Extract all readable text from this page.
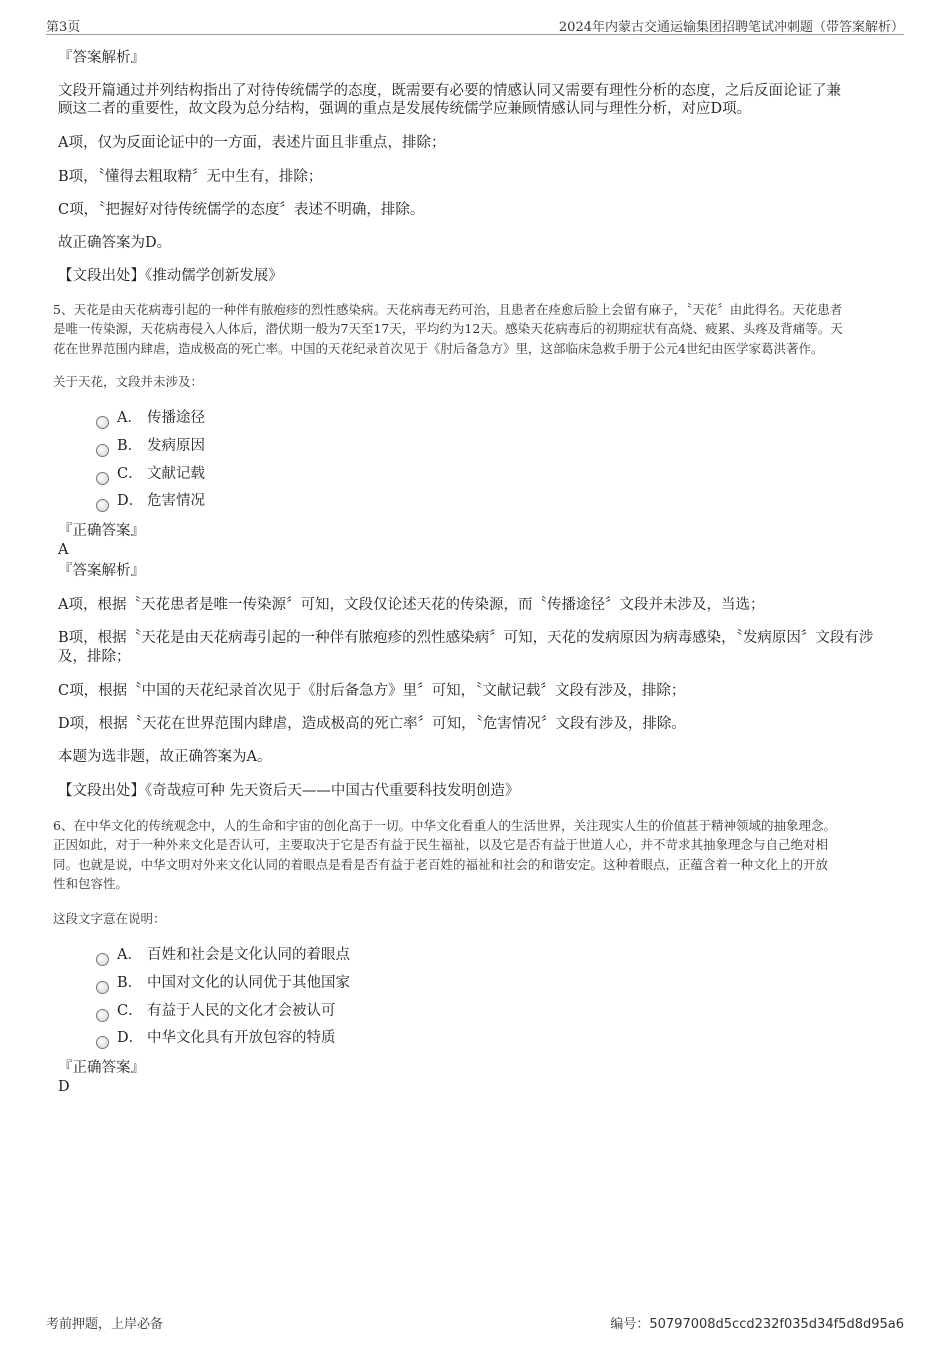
第3页	2024年内蒙古交通运输集团招聘笔试冲刺题（带答案解析）
『答案解析』
文段开篇通过并列结构指出了对待传统儒学的态度，既需要有必要的情感认同又需要有理性分析的态度，之后反面论证了兼
顾这二者的重要性，故文段为总分结构，强调的重点是发展传统儒学应兼顾情感认同与理性分析，对应D项。
A项，仅为反面论证中的一方面，表述片面且非重点，排除；
B项，〝懂得去粗取精〞无中生有，排除；
C项，〝把握好对待传统儒学的态度〞表述不明确，排除。
故正确答案为D。
【文段出处】《推动儒学创新发展》
5、天花是由天花病毒引起的一种伴有脓疱疹的烈性感染病。天花病毒无药可治，且患者在痊愈后脸上会留有麻子，〝天花〞由此得名。天花患者
是唯一传染源，天花病毒侵入人体后，潜伏期一般为7天至17天，平均约为12天。感染天花病毒后的初期症状有高烧、疲累、头疼及背痛等。天
花在世界范围内肆虐，造成极高的死亡率。中国的天花纪录首次见于《肘后备急方》里，这部临床急救手册于公元4世纪由医学家葛洪著作。
关于天花，文段并未涉及：
A． 传播途径
B． 发病原因
C． 文献记载
D． 危害情况
『正确答案』
A
『答案解析』
A项，根据〝天花患者是唯一传染源〞可知，文段仅论述天花的传染源，而〝传播途径〞文段并未涉及，当选；
B项，根据〝天花是由天花病毒引起的一种伴有脓疱疹的烈性感染病〞可知，天花的发病原因为病毒感染，〝发病原因〞文段有涉
及，排除；
C项，根据〝中国的天花纪录首次见于《肘后备急方》里〞可知，〝文献记载〞文段有涉及，排除；
D项，根据〝天花在世界范围内肆虐，造成极高的死亡率〞可知，〝危害情况〞文段有涉及，排除。
本题为选非题，故正确答案为A。
【文段出处】《奇哉痘可种 先天资后天——中国古代重要科技发明创造》
6、在中华文化的传统观念中，人的生命和宇宙的创化高于一切。中华文化看重人的生活世界，关注现实人生的价值甚于精神领域的抽象理念。
正因如此，对于一种外来文化是否认可，主要取决于它是否有益于民生福祉，以及它是否有益于世道人心，并不苛求其抽象理念与自己绝对相
同。也就是说，中华文明对外来文化认同的着眼点是看是否有益于老百姓的福祉和社会的和谐安定。这种着眼点，正蕴含着一种文化上的开放
性和包容性。
这段文字意在说明：
A． 百姓和社会是文化认同的着眼点
B． 中国对文化的认同优于其他国家
C． 有益于人民的文化才会被认可
D． 中华文化具有开放包容的特质
『正确答案』
D
考前押题，上岸必备	编号：50797008d5ccd232f035d34f5d8d95a6
